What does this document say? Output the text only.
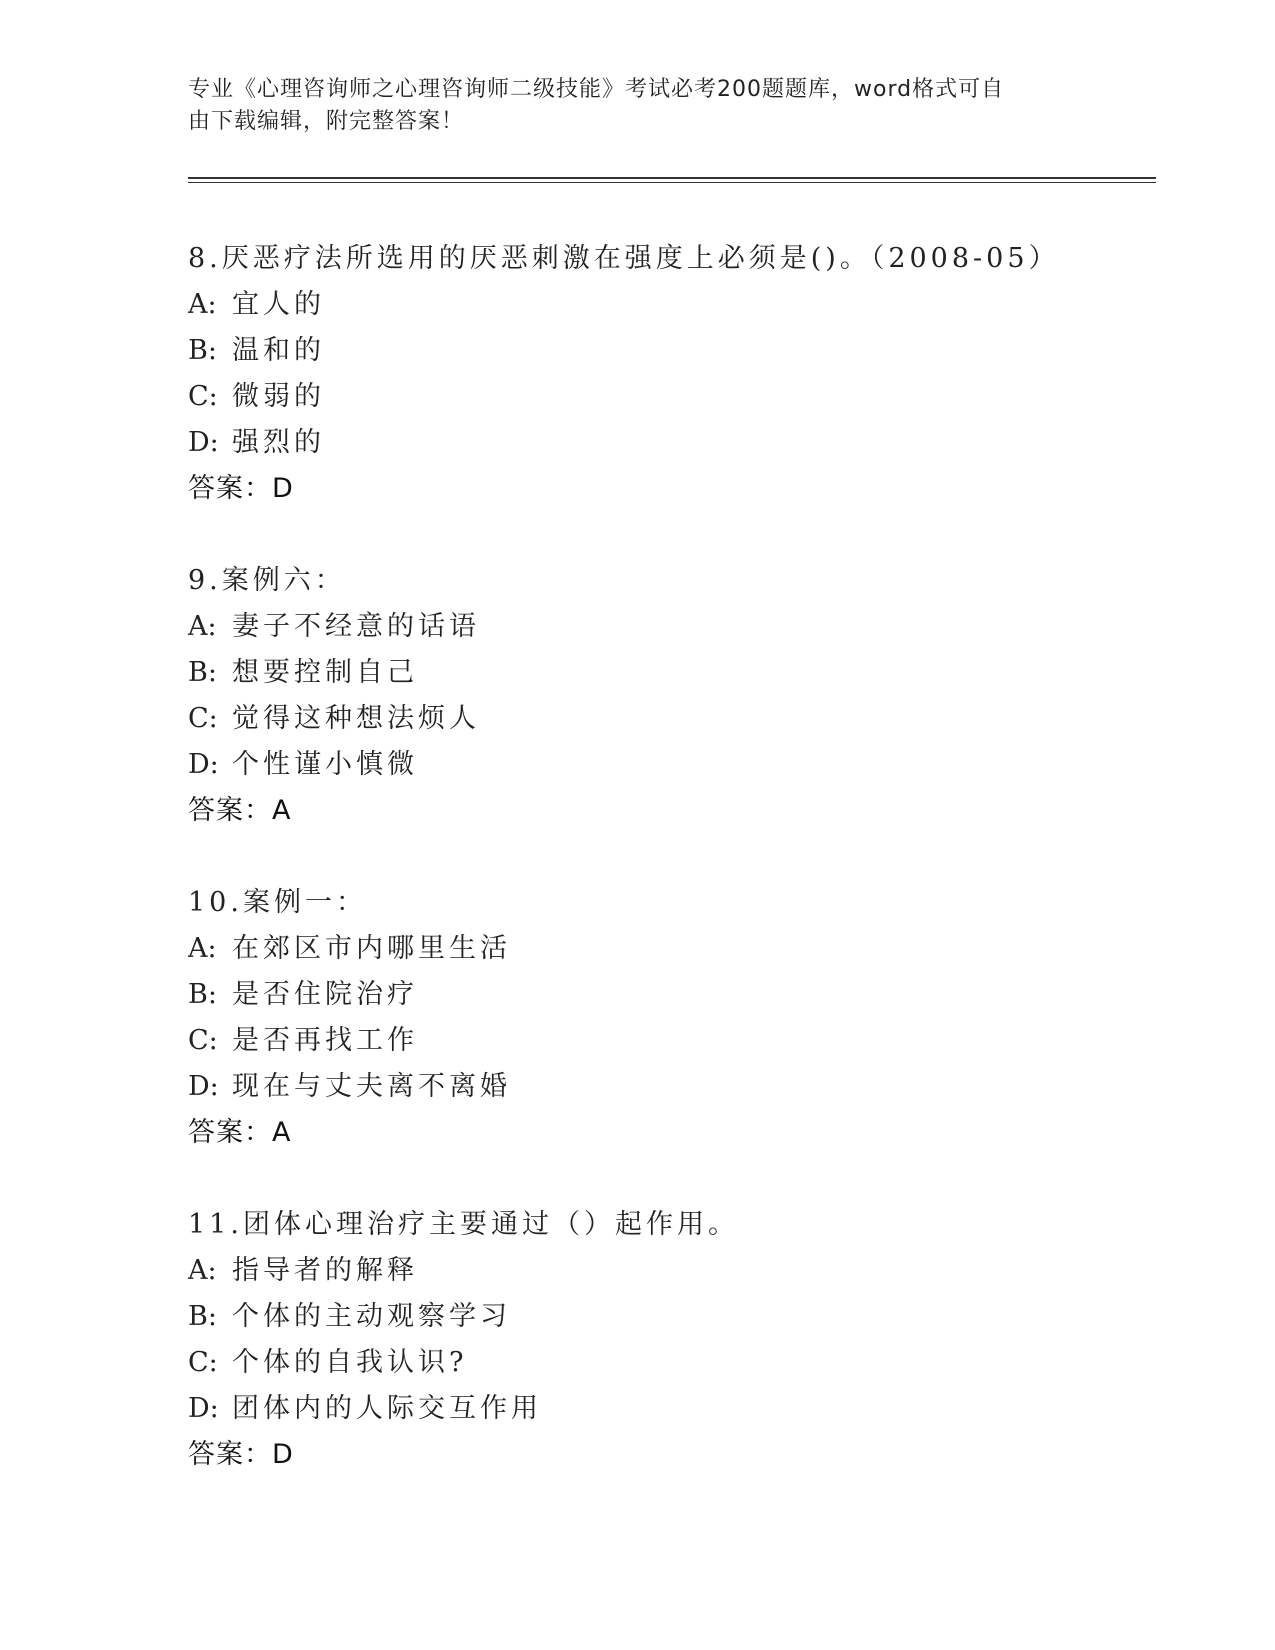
专业《心理咨询师之心理咨询师二级技能》考试必考200题题库，word格式可自
由下载编辑，附完整答案！
8.厌恶疗法所选用的厌恶刺激在强度上必须是()。（2008-05）
A: 宜人的
B: 温和的
C: 微弱的
D: 强烈的
答案：D
9.案例六：
A: 妻子不经意的话语
B: 想要控制自己
C: 觉得这种想法烦人
D: 个性谨小慎微
答案：A
10.案例一：
A: 在郊区市内哪里生活
B: 是否住院治疗
C: 是否再找工作
D: 现在与丈夫离不离婚
答案：A
11.团体心理治疗主要通过（）起作用。
A: 指导者的解释
B: 个体的主动观察学习
C: 个体的自我认识?
D: 团体内的人际交互作用
答案：D
